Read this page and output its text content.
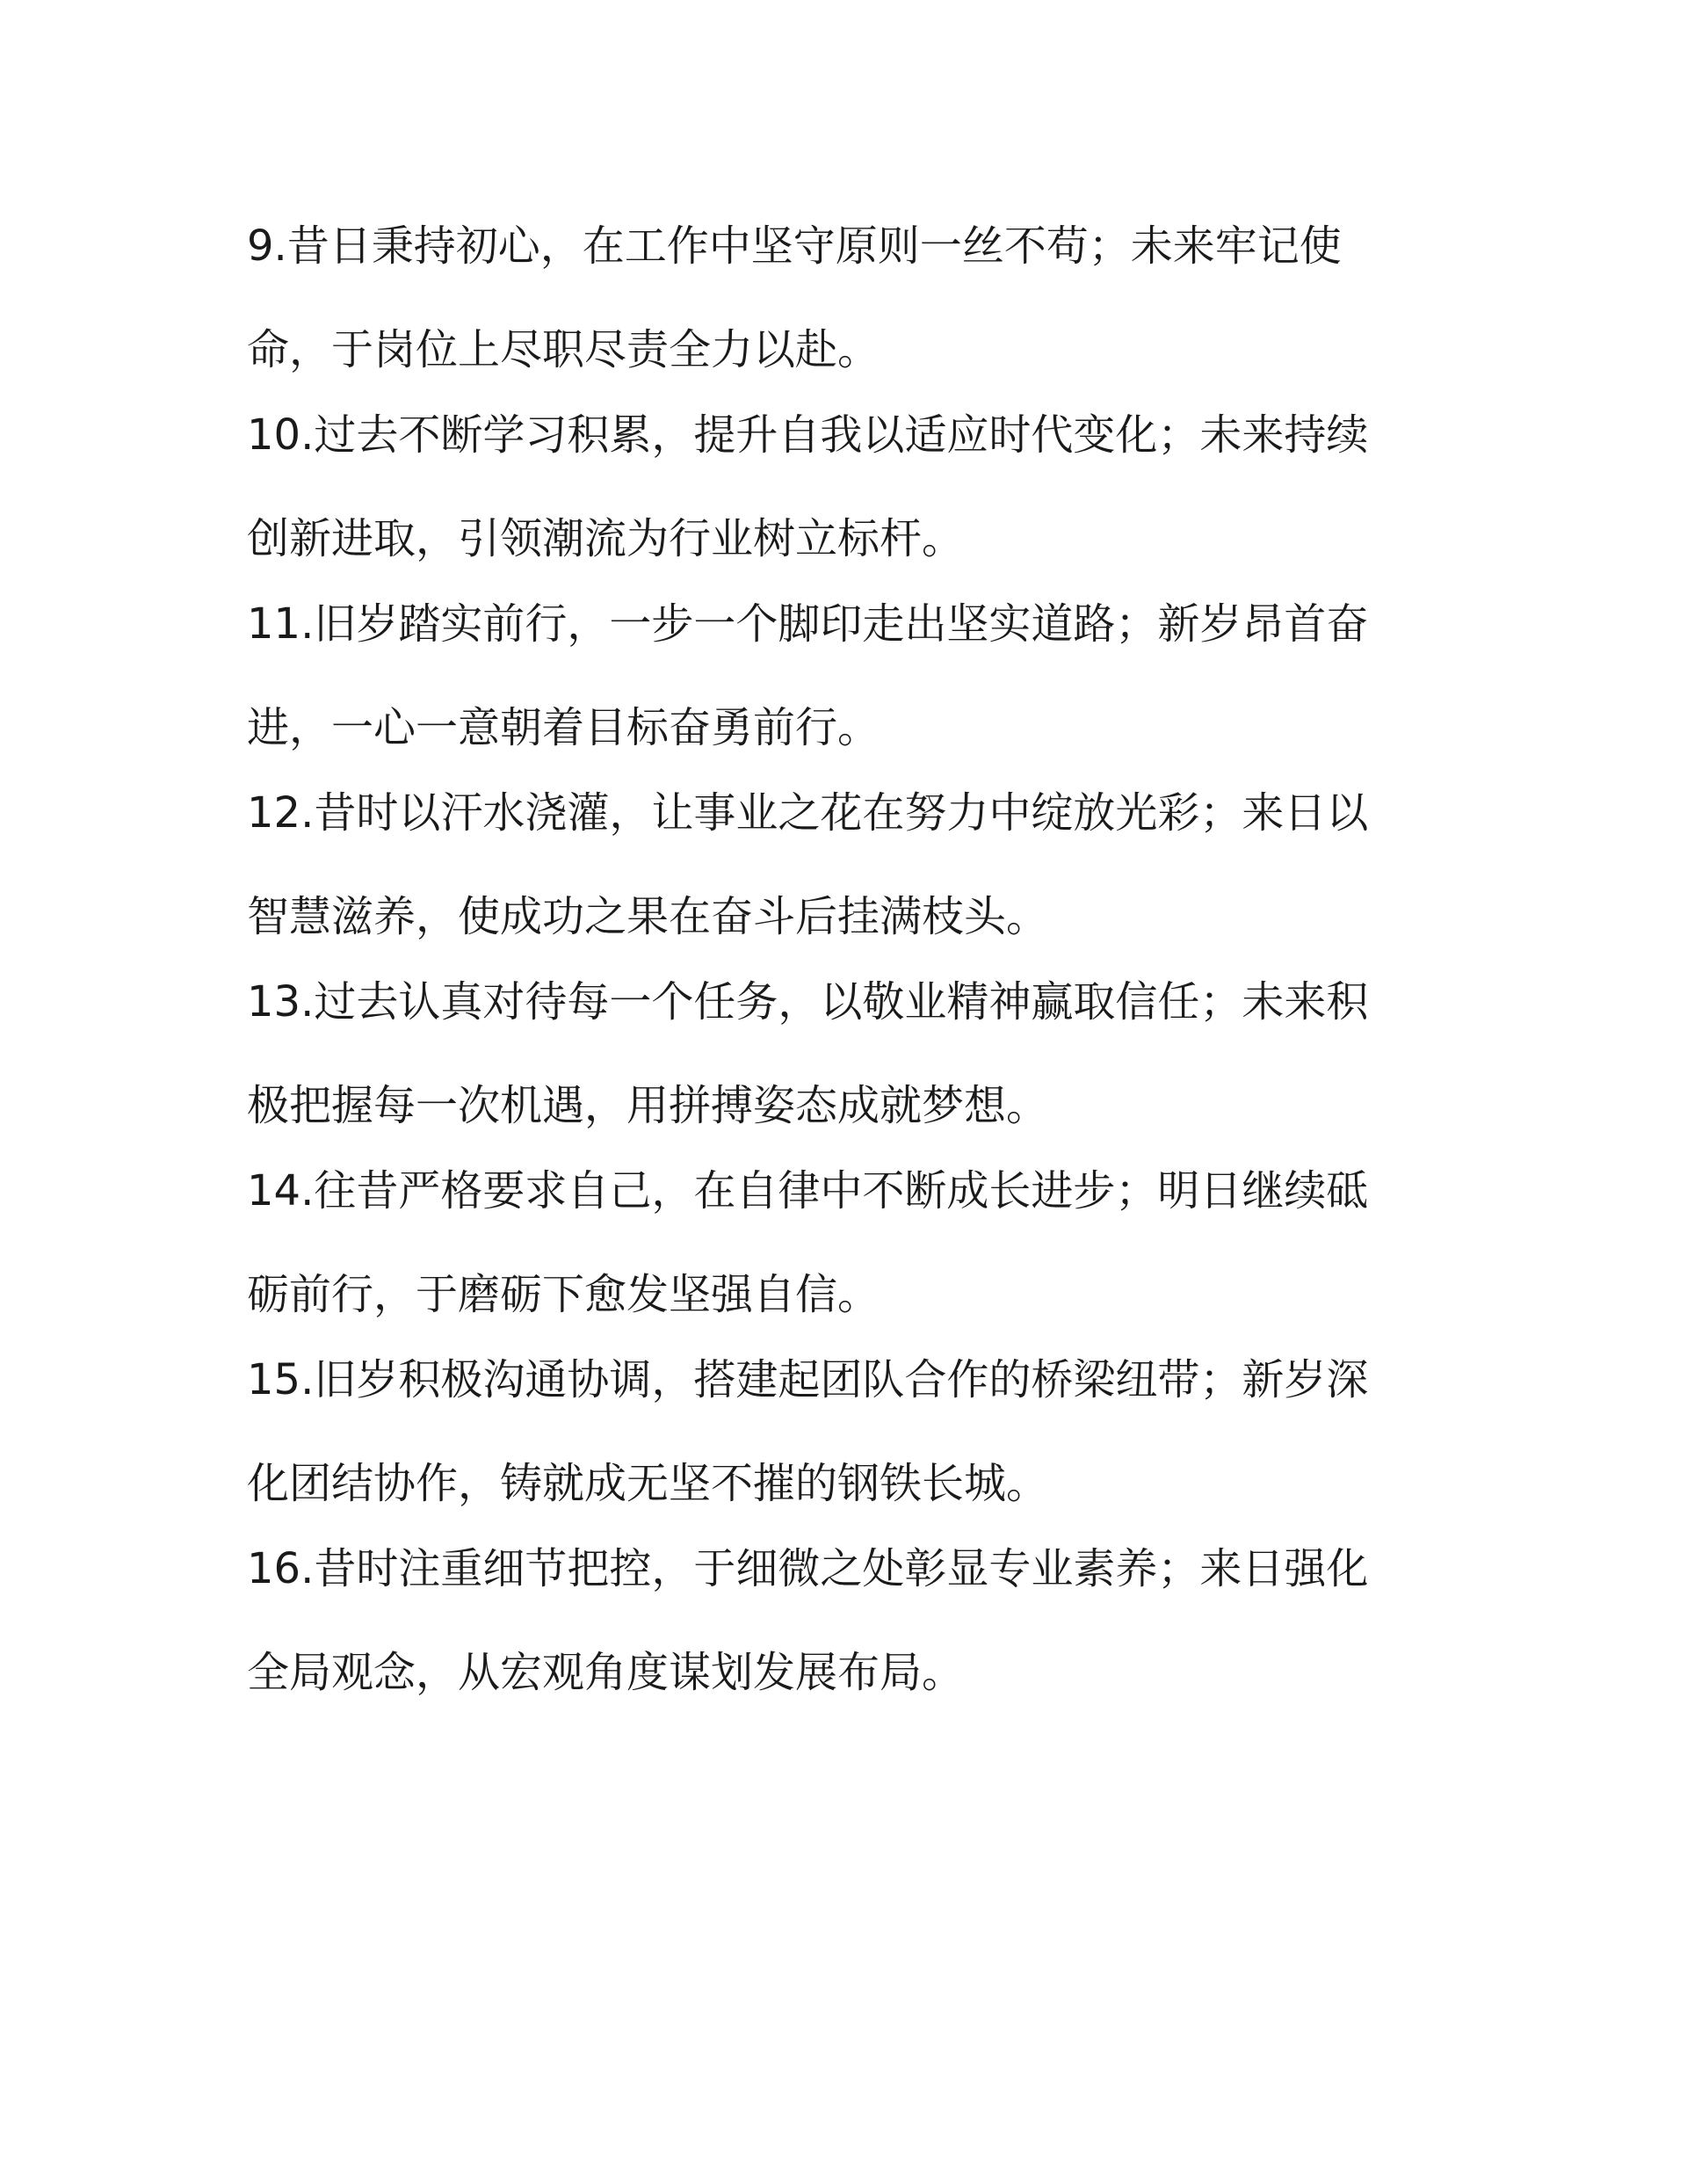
9.昔日秉持初心，在工作中坚守原则一丝不苟；未来牢记使
命，于岗位上尽职尽责全力以赴。
10.过去不断学习积累，提升自我以适应时代变化；未来持续
创新进取，引领潮流为行业树立标杆。
11.旧岁踏实前行，一步一个脚印走出坚实道路；新岁昂首奋
进，一心一意朝着目标奋勇前行。
12.昔时以汗水浇灌，让事业之花在努力中绽放光彩；来日以
智慧滋养，使成功之果在奋斗后挂满枝头。
13.过去认真对待每一个任务，以敬业精神赢取信任；未来积
极把握每一次机遇，用拼搏姿态成就梦想。
14.往昔严格要求自己，在自律中不断成长进步；明日继续砥
砺前行，于磨砺下愈发坚强自信。
15.旧岁积极沟通协调，搭建起团队合作的桥梁纽带；新岁深
化团结协作，铸就成无坚不摧的钢铁长城。
16.昔时注重细节把控，于细微之处彰显专业素养；来日强化
全局观念，从宏观角度谋划发展布局。
